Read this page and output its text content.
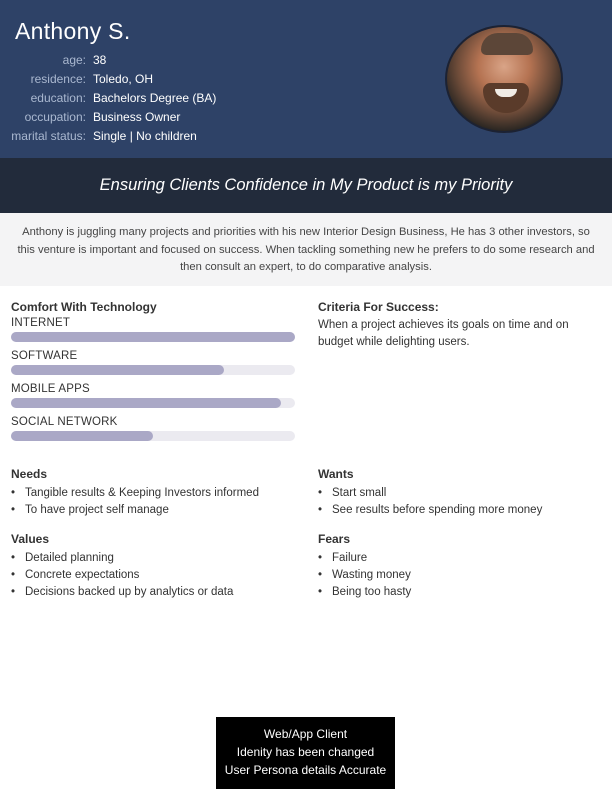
Anthony S.
age: 38
residence: Toledo, OH
education: Bachelors Degree (BA)
occupation: Business Owner
marital status: Single | No children
Ensuring Clients Confidence in My Product is my Priority

Anthony is juggling many projects and priorities with his new Interior Design Business, He has 3 other investors, so this venture is important and focused on success. When tackling something new he prefers to do some research and then consult an expert, to do comparative analysis.

Comfort With Technology
INTERNET
SOFTWARE
MOBILE APPS
SOCIAL NETWORK
Criteria For Success:
When a project achieves its goals on time and on budget while delighting users.
Needs
• Tangible results & Keeping Investors informed
• To have project self manage
Wants
• Start small
• See results before spending more money
Values
• Detailed planning
• Concrete expectations
• Decisions backed up by analytics or data
Fears
• Failure
• Wasting money
• Being too hasty
Web/App Client
Idenity has been changed
User Persona details Accurate
